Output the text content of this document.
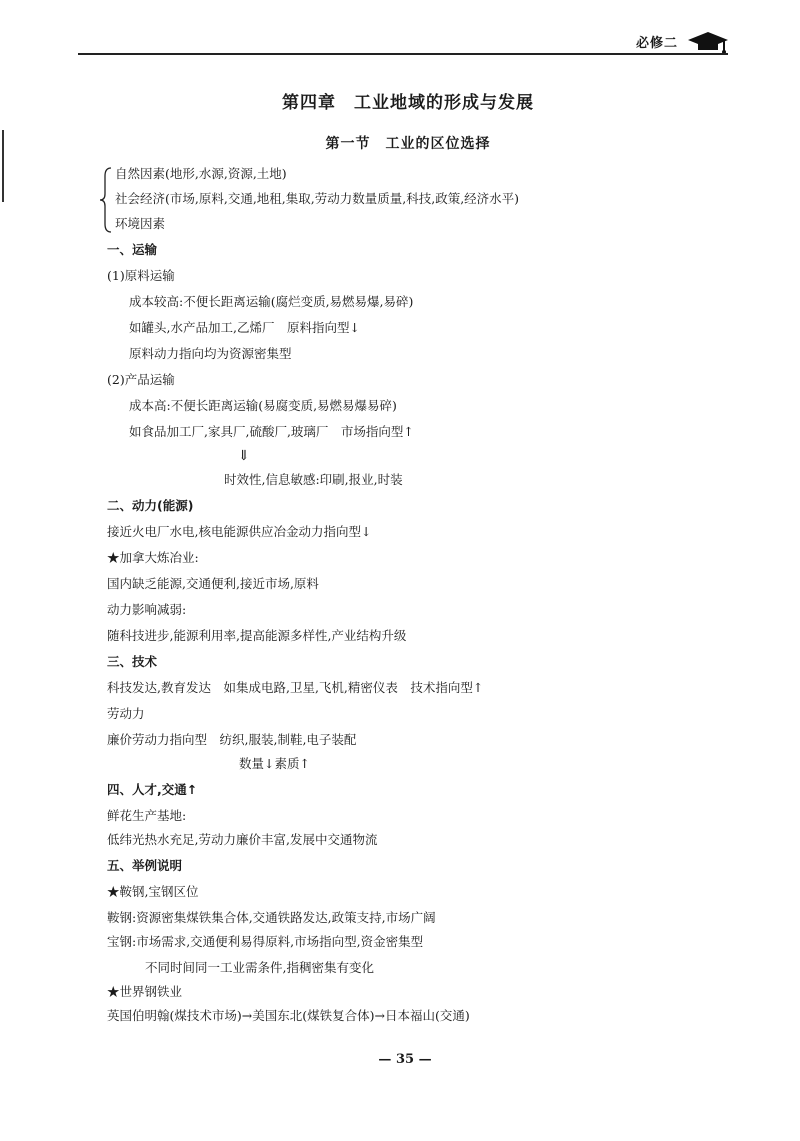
必修二
第四章　工业地域的形成与发展
第一节　工业的区位选择
自然因素(地形,水源,资源,土地)
社会经济(市场,原料,交通,地租,集取,劳动力数量质量,科技,政策,经济水平)
环境因素
一、运输
(1)原料运输
成本较高:不便长距离运输(腐烂变质,易燃易爆,易碎)
如罐头,水产品加工,乙烯厂　原料指向型↓
原料动力指向均为资源密集型
(2)产品运输
成本高:不便长距离运输(易腐变质,易燃易爆易碎)
如食品加工厂,家具厂,硫酸厂,玻璃厂　市场指向型↑
⇓
时效性,信息敏感:印刷,报业,时装
二、动力(能源)
接近火电厂水电,核电能源供应冶金动力指向型↓
★加拿大炼冶业:
国内缺乏能源,交通便利,接近市场,原料
动力影响减弱:
随科技进步,能源利用率,提高能源多样性,产业结构升级
三、技术
科技发达,教育发达　如集成电路,卫星,飞机,精密仪表　技术指向型↑
劳动力
廉价劳动力指向型　纺织,服装,制鞋,电子装配
数量↓素质↑
四、人才,交通↑
鲜花生产基地:
低纬光热水充足,劳动力廉价丰富,发展中交通物流
五、举例说明
★鞍钢,宝钢区位
鞍钢:资源密集煤铁集合体,交通铁路发达,政策支持,市场广阔
宝钢:市场需求,交通便利易得原料,市场指向型,资金密集型
不同时间同一工业需条件,指稠密集有变化
★世界钢铁业
英国伯明翰(煤技术市场)→美国东北(煤铁复合体)→日本福山(交通)
— 35 —
